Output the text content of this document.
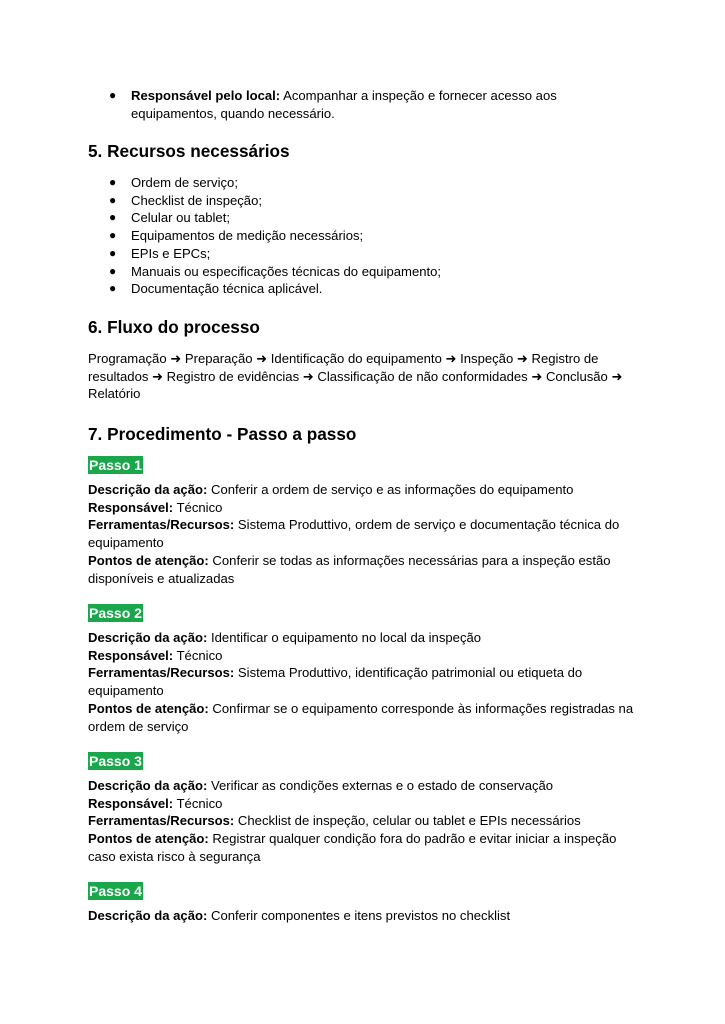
● Responsável pelo local: Acompanhar a inspeção e fornecer acesso aos equipamentos, quando necessário.
5. Recursos necessários
● Ordem de serviço;
● Checklist de inspeção;
● Celular ou tablet;
● Equipamentos de medição necessários;
● EPIs e EPCs;
● Manuais ou especificações técnicas do equipamento;
● Documentação técnica aplicável.
6. Fluxo do processo
Programação ➜ Preparação ➜ Identificação do equipamento ➜ Inspeção ➜ Registro de resultados ➜ Registro de evidências ➜ Classificação de não conformidades ➜ Conclusão ➜ Relatório
7. Procedimento - Passo a passo
Passo 1
Descrição da ação: Conferir a ordem de serviço e as informações do equipamento
Responsável: Técnico
Ferramentas/Recursos: Sistema Produttivo, ordem de serviço e documentação técnica do equipamento
Pontos de atenção: Conferir se todas as informações necessárias para a inspeção estão disponíveis e atualizadas
Passo 2
Descrição da ação: Identificar o equipamento no local da inspeção
Responsável: Técnico
Ferramentas/Recursos: Sistema Produttivo, identificação patrimonial ou etiqueta do equipamento
Pontos de atenção: Confirmar se o equipamento corresponde às informações registradas na ordem de serviço
Passo 3
Descrição da ação: Verificar as condições externas e o estado de conservação
Responsável: Técnico
Ferramentas/Recursos: Checklist de inspeção, celular ou tablet e EPIs necessários
Pontos de atenção: Registrar qualquer condição fora do padrão e evitar iniciar a inspeção caso exista risco à segurança
Passo 4
Descrição da ação: Conferir componentes e itens previstos no checklist
